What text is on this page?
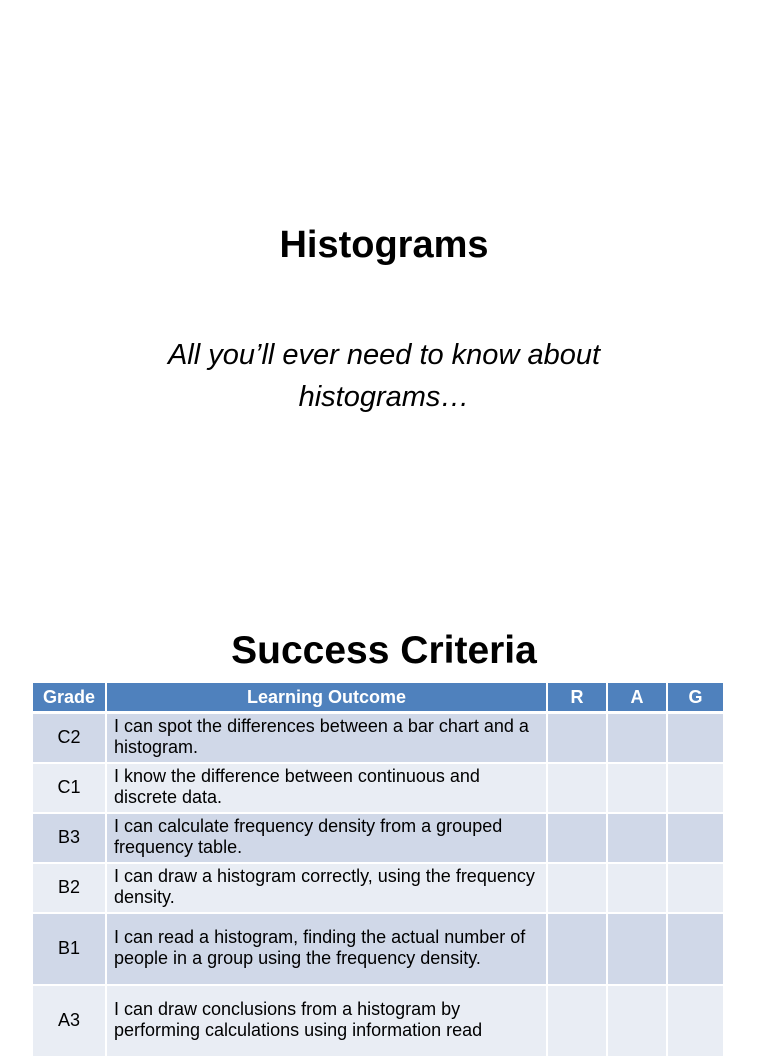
Histograms
All you’ll ever need to know about histograms…
Success Criteria
Grade	Learning Outcome	R	A	G
C2	I can spot the differences between a bar chart and a histogram.			
C1	I know the difference between continuous and discrete data.			
B3	I can calculate frequency density from a grouped frequency table.			
B2	I can draw a histogram correctly, using the frequency density.			
B1	I can read a histogram, finding the actual number of people in a group using the frequency density.			
A3	I can draw conclusions from a histogram by performing calculations using information read			
